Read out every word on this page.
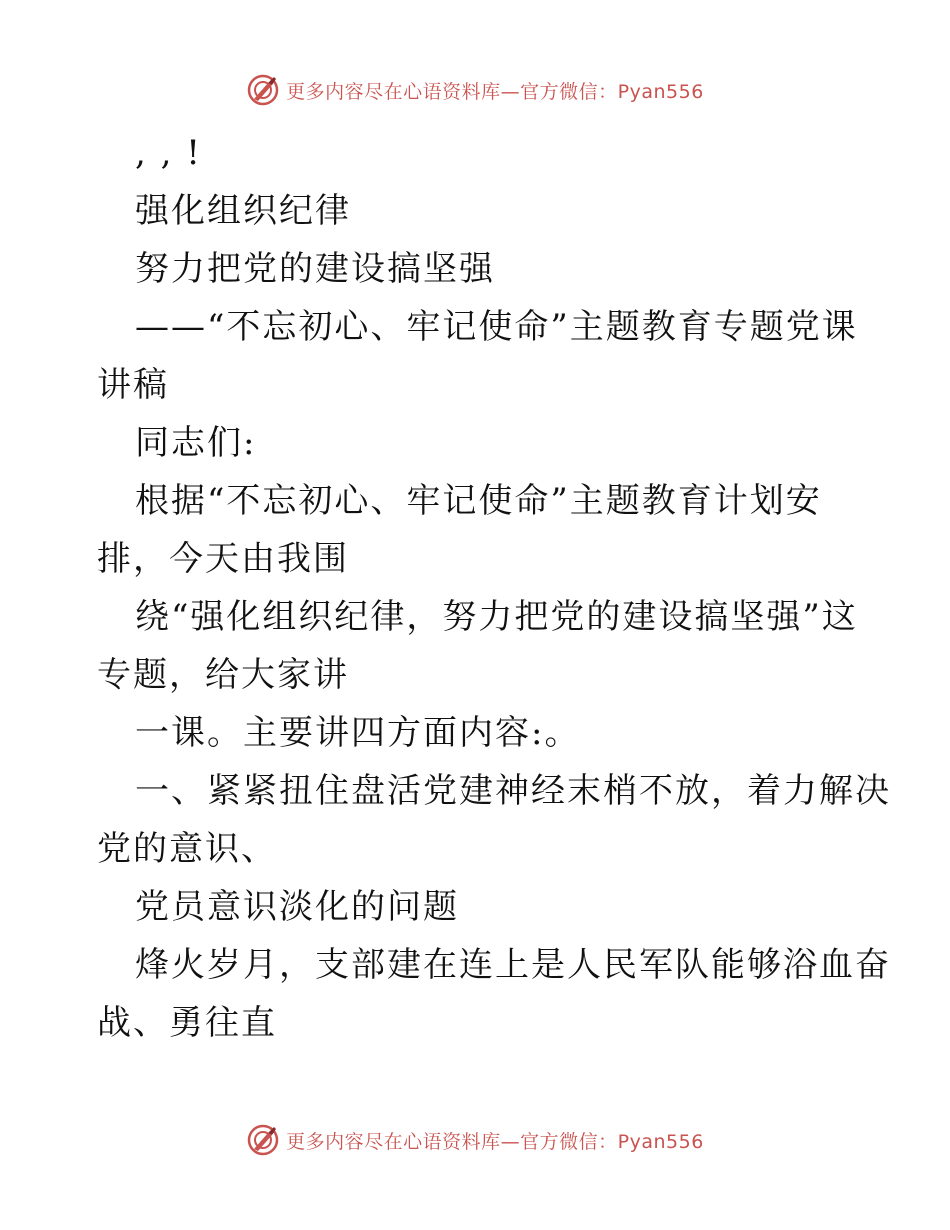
更多内容尽在心语资料库—官方微信：Pyan556
, , !
强化组织纪律
努力把党的建设搞坚强
——“不忘初心、牢记使命”主题教育专题党课
讲稿
同志们:
根据“不忘初心、牢记使命”主题教育计划安
排，今天由我围
绕“强化组织纪律，努力把党的建设搞坚强”这
专题，给大家讲
一课。主要讲四方面内容:。
一、紧紧扭住盘活党建神经末梢不放，着力解决
党的意识、
党员意识淡化的问题
烽火岁月，支部建在连上是人民军队能够浴血奋
战、勇往直
更多内容尽在心语资料库—官方微信：Pyan556
